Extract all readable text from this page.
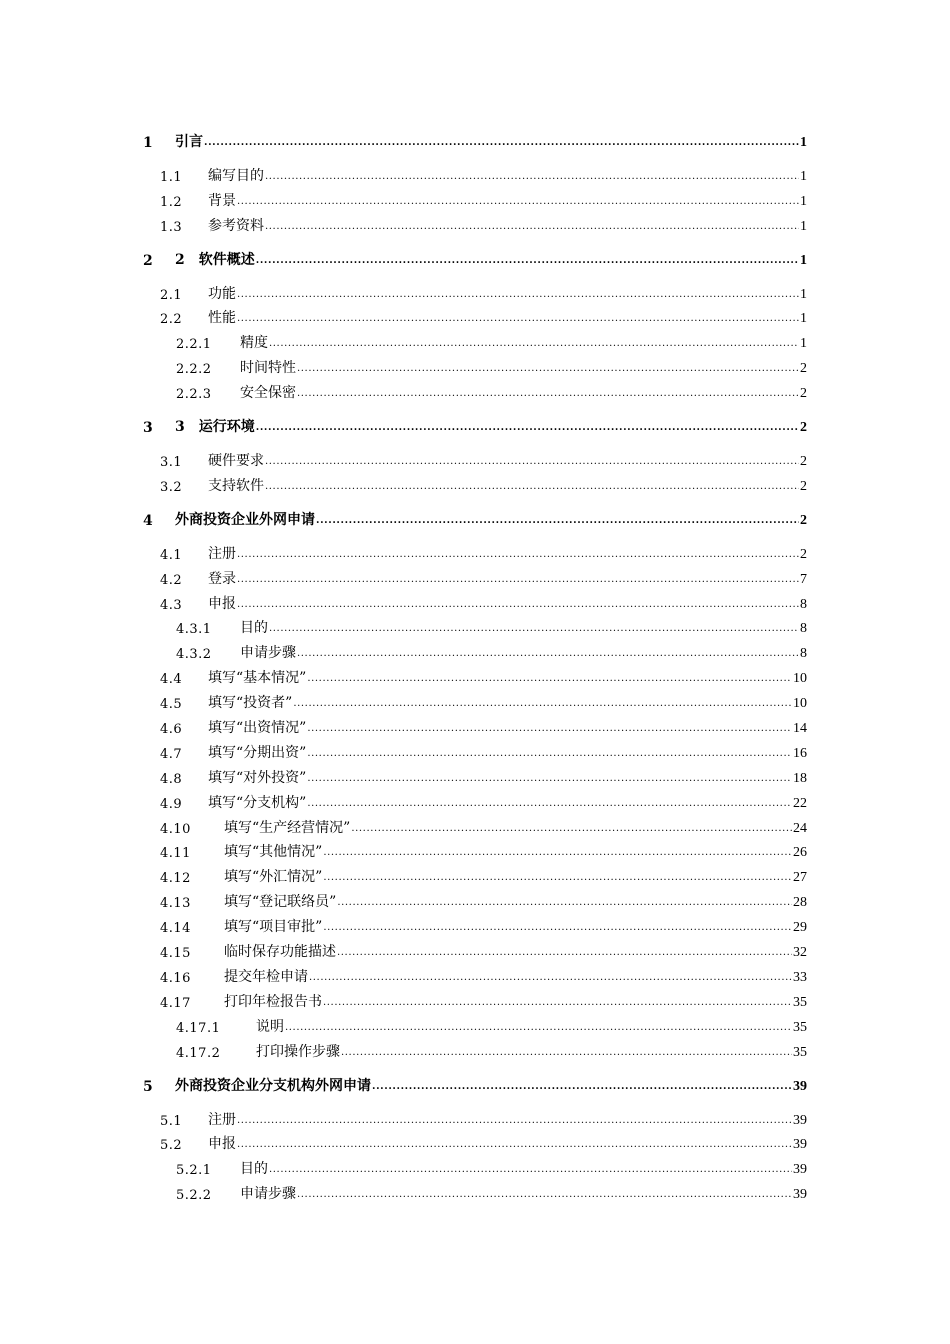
1	引言 .....	1
1.1	编写目的 .....	1
1.2	背景 .....	1
1.3	参考资料 .....	1
2	2　软件概述 .....	1
2.1	功能 .....	1
2.2	性能 .....	1
2.2.1	精度 .....	1
2.2.2	时间特性 .....	2
2.2.3	安全保密 .....	2
3	3　运行环境 .....	2
3.1	硬件要求 .....	2
3.2	支持软件 .....	2
4	外商投资企业外网申请 .....	2
4.1	注册 .....	2
4.2	登录 .....	7
4.3	申报 .....	8
4.3.1	目的 .....	8
4.3.2	申请步骤 .....	8
4.4	填写“基本情况” .....	10
4.5	填写“投资者” .....	10
4.6	填写“出资情况” .....	14
4.7	填写“分期出资” .....	16
4.8	填写“对外投资” .....	18
4.9	填写“分支机构” .....	22
4.10	填写“生产经营情况” .....	24
4.11	填写“其他情况” .....	26
4.12	填写“外汇情况” .....	27
4.13	填写“登记联络员” .....	28
4.14	填写“项目审批” .....	29
4.15	临时保存功能描述 .....	32
4.16	提交年检申请 .....	33
4.17	打印年检报告书 .....	35
4.17.1	说明 .....	35
4.17.2	打印操作步骤 .....	35
5	外商投资企业分支机构外网申请 .....	39
5.1	注册 .....	39
5.2	申报 .....	39
5.2.1	目的 .....	39
5.2.2	申请步骤 .....	39
